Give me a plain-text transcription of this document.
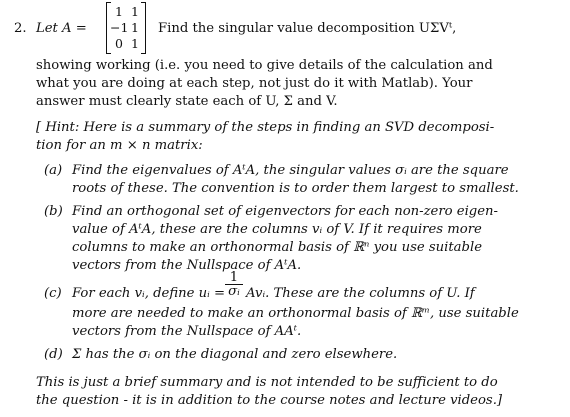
2. Let A =
1 1
−1 1
0 1
Find the singular value decomposition UΣVᵗ,
showing working (i.e. you need to give details of the calculation and
what you are doing at each step, not just do it with Matlab). Your
answer must clearly state each of U, Σ and V.
[ Hint: Here is a summary of the steps in finding an SVD decomposi-
tion for an m × n matrix:
(a) Find the eigenvalues of AᵗA, the singular values σᵢ are the square
roots of these. The convention is to order them largest to smallest.
(b) Find an orthogonal set of eigenvectors for each non-zero eigen-
value of AᵗA, these are the columns vᵢ of V. If it requires more
columns to make an orthonormal basis of ℝⁿ you use suitable
vectors from the Nullspace of AᵗA.
(c) For each vᵢ, define uᵢ = $\frac{1}{\text{σᵢ}}$ Avᵢ. These are the columns of U. If
more are needed to make an orthonormal basis of ℝᵐ, use suitable
vectors from the Nullspace of AAᵗ.
(d) Σ has the σᵢ on the diagonal and zero elsewhere.
This is just a brief summary and is not intended to be sufficient to do
the question - it is in addition to the course notes and lecture videos.]
